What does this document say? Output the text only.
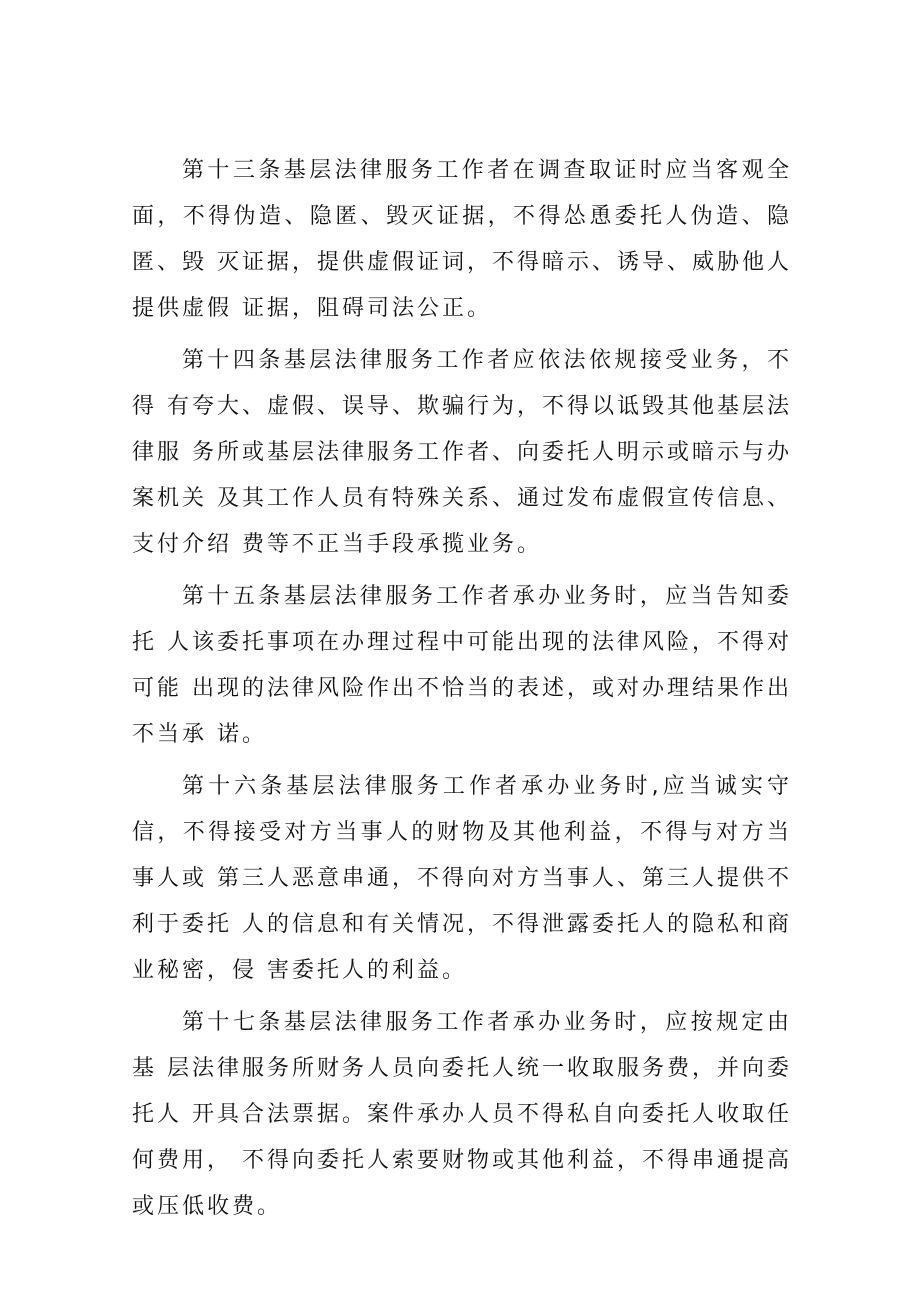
第十三条基层法律服务工作者在调查取证时应当客观全面，不得伪造、隐匿、毁灭证据，不得怂恿委托人伪造、隐匿、毁 灭证据，提供虚假证词，不得暗示、诱导、威胁他人提供虚假 证据，阻碍司法公正。

第十四条基层法律服务工作者应依法依规接受业务，不得 有夸大、虚假、误导、欺骗行为，不得以诋毁其他基层法律服 务所或基层法律服务工作者、向委托人明示或暗示与办案机关 及其工作人员有特殊关系、通过发布虚假宣传信息、支付介绍 费等不正当手段承揽业务。

第十五条基层法律服务工作者承办业务时，应当告知委托 人该委托事项在办理过程中可能出现的法律风险，不得对可能 出现的法律风险作出不恰当的表述，或对办理结果作出不当承 诺。

第十六条基层法律服务工作者承办业务时,应当诚实守信，不得接受对方当事人的财物及其他利益，不得与对方当事人或 第三人恶意串通，不得向对方当事人、第三人提供不利于委托 人的信息和有关情况，不得泄露委托人的隐私和商业秘密，侵 害委托人的利益。

第十七条基层法律服务工作者承办业务时，应按规定由基 层法律服务所财务人员向委托人统一收取服务费，并向委托人 开具合法票据。案件承办人员不得私自向委托人收取任何费用， 不得向委托人索要财物或其他利益，不得串通提高或压低收费。
